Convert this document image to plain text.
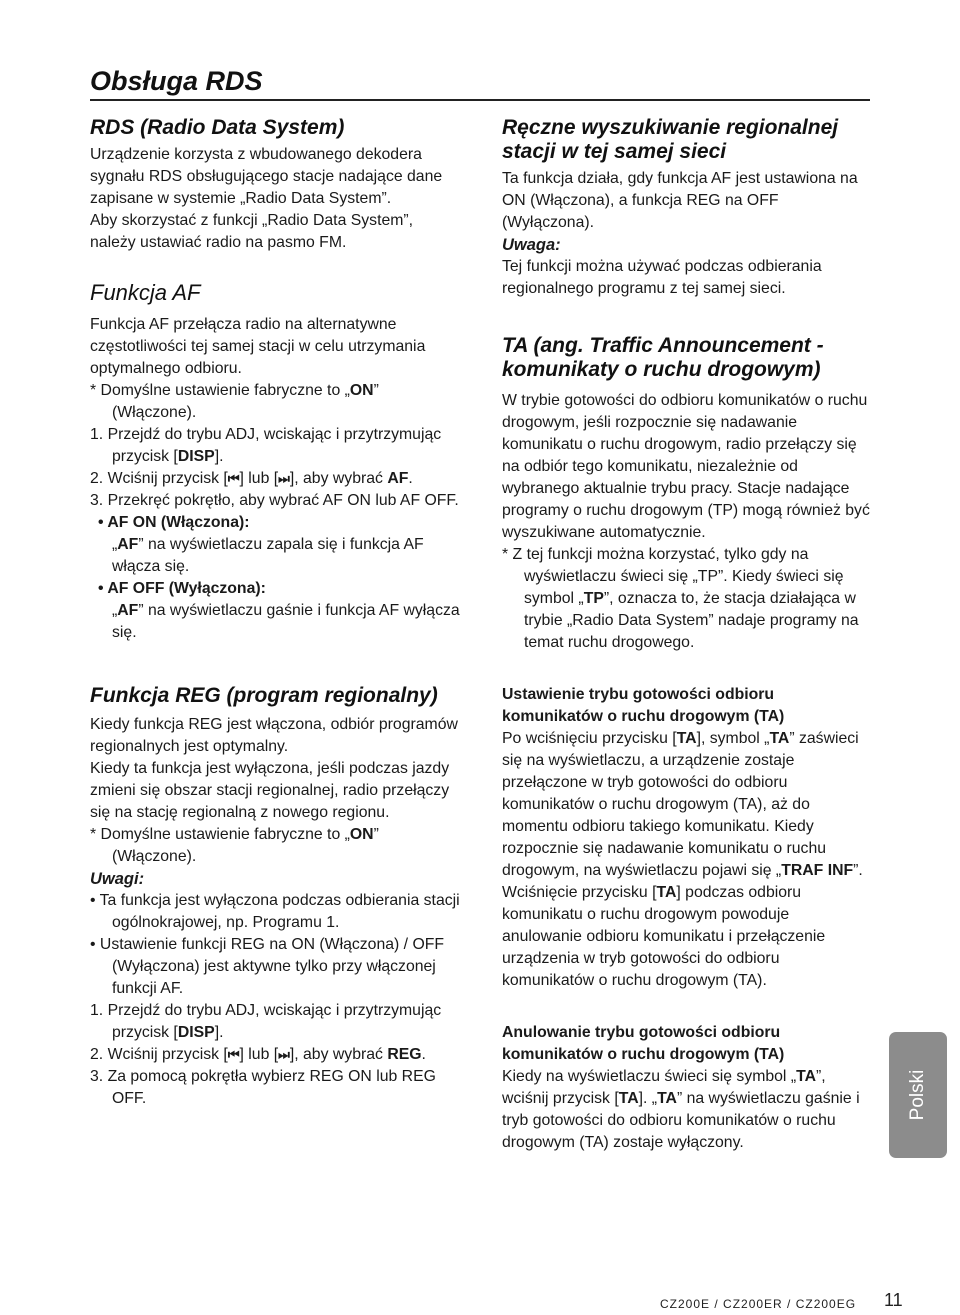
Obsługa RDS
RDS (Radio Data System)

Urządzenie korzysta z wbudowanego dekodera sygnału RDS obsługującego stacje nadające dane zapisane w systemie „Radio Data System”.

Aby skorzystać z funkcji „Radio Data System”, należy ustawiać radio na pasmo FM.

Funkcja AF

Funkcja AF przełącza radio na alternatywne częstotliwości tej samej stacji w celu utrzymania optymalnego odbioru.

* Domyślne ustawienie fabryczne to „ON” (Włączone).

1. Przejdź do trybu ADJ, wciskając i przytrzymując przycisk [DISP].

2. Wciśnij przycisk [⏮] lub [⏭], aby wybrać AF.

3. Przekręć pokrętło, aby wybrać AF ON lub AF OFF.

• AF ON (Włączona):

„AF” na wyświetlaczu zapala się i funkcja AF włącza się.

• AF OFF (Wyłączona):

„AF” na wyświetlaczu gaśnie i funkcja AF wyłącza się.

Funkcja REG (program regionalny)

Kiedy funkcja REG jest włączona, odbiór programów regionalnych jest optymalny.

Kiedy ta funkcja jest wyłączona, jeśli podczas jazdy zmieni się obszar stacji regionalnej, radio przełączy się na stację regionalną z nowego regionu.

* Domyślne ustawienie fabryczne to „ON” (Włączone).

Uwagi:

• Ta funkcja jest wyłączona podczas odbierania stacji ogólnokrajowej, np. Programu 1.

• Ustawienie funkcji REG na ON (Włączona) / OFF (Wyłączona) jest aktywne tylko przy włączonej funkcji AF.

1. Przejdź do trybu ADJ, wciskając i przytrzymując przycisk [DISP].

2. Wciśnij przycisk [⏮] lub [⏭], aby wybrać REG.

3. Za pomocą pokrętła wybierz REG ON lub REG OFF.

Ręczne wyszukiwanie regionalnej stacji w tej samej sieci

Ta funkcja działa, gdy funkcja AF jest ustawiona na ON (Włączona), a funkcja REG na OFF (Wyłączona).

Uwaga:

Tej funkcji można używać podczas odbierania regionalnego programu z tej samej sieci.

TA (ang. Traffic Announcement - komunikaty o ruchu drogowym)

W trybie gotowości do odbioru komunikatów o ruchu drogowym, jeśli rozpocznie się nadawanie komunikatu o ruchu drogowym, radio przełączy się na odbiór tego komunikatu, niezależnie od wybranego aktualnie trybu pracy. Stacje nadające programy o ruchu drogowym (TP) mogą również być wyszukiwane automatycznie.

* Z tej funkcji można korzystać, tylko gdy na wyświetlaczu świeci się „TP”. Kiedy świeci się symbol „TP”, oznacza to, że stacja działająca w trybie „Radio Data System” nadaje programy na temat ruchu drogowego.

Ustawienie trybu gotowości odbioru komunikatów o ruchu drogowym (TA)

Po wciśnięciu przycisku [TA], symbol „TA” zaświeci się na wyświetlaczu, a urządzenie zostaje przełączone w tryb gotowości do odbioru komunikatów o ruchu drogowym (TA), aż do momentu odbioru takiego komunikatu. Kiedy rozpocznie się nadawanie komunikatu o ruchu drogowym, na wyświetlaczu pojawi się „TRAF INF”. Wciśnięcie przycisku [TA] podczas odbioru komunikatu o ruchu drogowym powoduje anulowanie odbioru komunikatu i przełączenie urządzenia w tryb gotowości do odbioru komunikatów o ruchu drogowym (TA).

Anulowanie trybu gotowości odbioru komunikatów o ruchu drogowym (TA)

Kiedy na wyświetlaczu świeci się symbol „TA”, wciśnij przycisk [TA]. „TA” na wyświetlaczu gaśnie i tryb gotowości do odbioru komunikatów o ruchu drogowym (TA) zostaje wyłączony.

Polski
CZ200E / CZ200ER / CZ200EG 11
